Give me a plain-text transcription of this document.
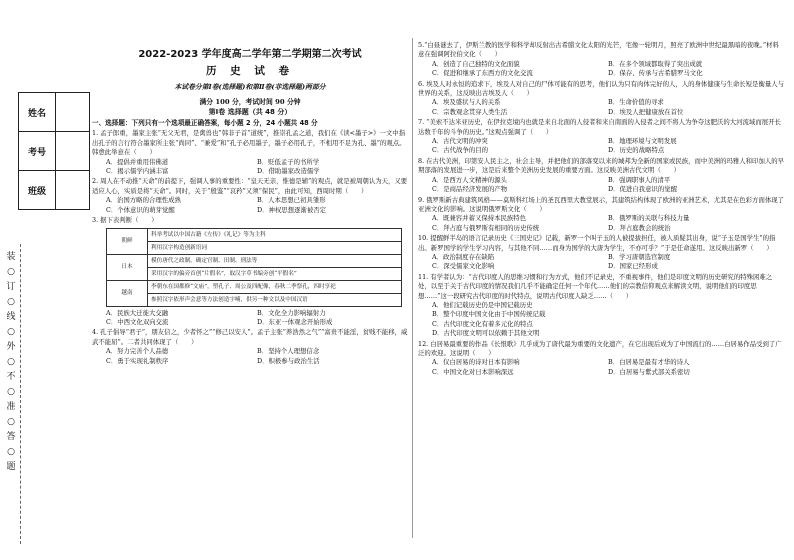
姓名	
考号	
班级	
装○订○线○外○不○准○答○题
2022-2023 学年度高二学年第二学期第二次考试
历 史 试 卷
本试卷分第Ⅰ卷(选择题)和第Ⅱ卷(非选择题)两部分
满分 100 分，考试时间 90 分钟
第Ⅰ卷 选择题（共 48 分）
一、选择题：下列只有一个选项最正确答案，每小题 2 分，24 小题共 48 分
1. 孟子郎重，墨家主张“无父无君，是禽兽也”韩非子首“道统”，推崇孔孟之道，我们在《读<墨子>》一文中指出孔子的言行符合墨家所主张“尚同”、“兼爱”和“孔子必用墨子，墨子必用孔子，不相用不足为孔、墨”的观点。韩愈此举意在（　　）
A．提倡并重用伟佛道	B．贬低孟子的书所学
C．揭示儒学内涵丰富	D．借助墨家改造儒学
2. 周人在不动推“天命”的前提下，强调人事的重要性：“皇天无亲，惟德是辅”的观点，就是被周朝认为天，又要适应人心，实质是将“天命”。同时，关于“殷鉴”“哀矜”又须“保民”，由此可知，西周时期（　　）
A．治国方略的合理性成熟	B．人本思想已初具雏形
C．个体意识的萌芽觉醒	D．神权思想逐渐被否定
3. 据下表判断（　　）
朝鲜	科举考试以中国古籍《左传》《礼记》等为主科
	利用汉字构造创新语词
日本	模仿唐代之政制，确定官制、田制、刑法等
	采用汉字的偏旁首创“片假名”，取汉字草书编旁创“平假名”
越南	李朝东在国都修“文庙”，塑孔子、周公及四配像，春秋二季祭孔，四时享祀
	参照汉字依形声会意等方法创造字喃，供另一种文以及中国汉语
A．民族大迁徙大交融	B．文化全力影响辐射力
C．中西文化双向交流	D．东亚一体观念开始形成
4. 孔子倡导“君子”，朋友信之，少者怀之”“修己以安人”。孟子主张“养浩然之气”“富贵不能淫，贫贱不能移，威武不能屈”。二者共同体现了（　　）
A．努力完善个人品德	B．坚持个人理想信念
C．勇于实现礼制秩序	D．积极参与政治生活
5.“白昼谜去了，伊斯兰教的医学和科学却反射出古希腊文化太阳的光芒，宅像一轮明月，照亮了欧洲中世纪最黑暗的夜晚。”材料意在强调阿拉伯文化（　　）
A．创造了自己独特的文化面貌	B．在多个领域都取得了突出成就
C．促进和继承了东西方的文化交流	D．保存、传承与古希腊罗马文化
6. 埃及人对永恒的追求下，埃及人对自己的尸体可能有的思考，他们认为只有肉体完好的人，人的身体健康与生命长短是衡量人与世界的关系，这反映出古埃及人（　　）
A．埃及盛状与人的关系	B．生命价值的寻求
C．宗教观念贯穿人类生活	D．埃及人把健康放在首位
7. “美索不达米亚历史，在伊拉克境内也就是来自北面的人侵者和来自南面的入侵者之间不将人为争夺这肥沃的大河流域而展开长达数千年的斗争的历史。”这观点强调了（　　）
A．古代文明的冲突	B．地理环境与文明发展
C．古代战争的目的	D．历史的战略特点
8. 在古代美洲，印第安人民主之，社会主导，并把他们的部落变以来的城邦为全新的国家或民族，而中美洲的玛雅人和印加人的早期部落的发展进一步，这是后来整个美洲历史发展的重要方面。这反映美洲古代文明（　　）
A．是西方人文精神的源头	B．强调职事人的清平
C．是商品经济发展的产物	D．促进自我意识的觉醒
9. 俄罗斯新古典建筑风格——莫斯科红场上的圣瓦西里大教堂展示，其建筑结构体现了欧洲的亚洲艺术，尤其是在色彩方面体现了亚洲文化的影响。这说明俄罗斯文化（　　）
A．既兼容并蓄又保持本民族特色	B．俄罗斯的关联与科技力量
C．拜占庭与俄罗斯有相同的历史传统	D．拜占庭教会的统治
10. 提醒鲜半岛的语言记录历史《三国史记》记载，新罗一个叫子玉的人被提拔担任，被人质疑其出身，说“子玉是国学生”的指出。新罗国学的学生学习内容，与其他不同……而身为国学的大唐为学生，不亦可乎？”于是任命遂用。这反映出新罗（　　）
A．政治制度存在缺陷	B．学习唐朝选官制度
C．深受儒家文化影响	D．国家已经形成
11. 有学者认为：“古代印度人的思维习惯和行为方式，他们不记录史，不重视事件，他们是印度文明的历史研究的特殊困难之处，以至于关于古代印度的情况我们几乎不能确定任何一个年代……他们的宗教信仰观点来解读文明，说明他们的印度思想……”这一段研究古代印度的时代特点，说明古代印度人缺乏……（　　）
A．他们记载历史仍是中国记载历史
B．整个印度中国文化由于中国传统记载
C．古代印度文化有着多元化的特点
D．古代印度文明可以依赖于其他文明
12. 白居易最重要的作品《长恨歌》几乎成为了唐代最为重要的文化遗产，在它出现后成为了中国流行的……白居易作品受到了广泛的欢迎。这说明（　　）
A．仅白居易的诗对日本有影响	B．白居易是最有才华的诗人
C．中国文化对日本影响深远	D．白居易与紫式部关系密切
